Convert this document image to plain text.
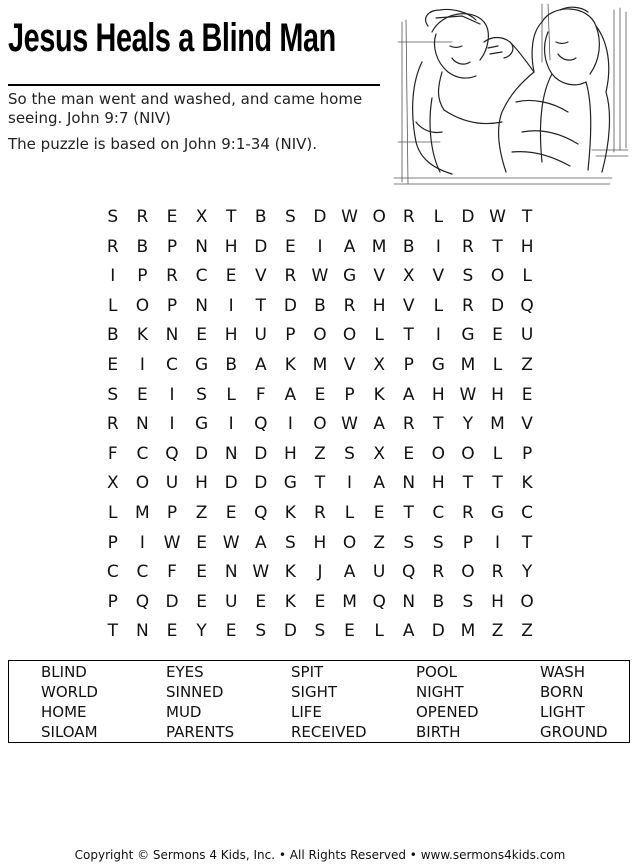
Jesus Heals a Blind Man
So the man went and washed, and came home seeing. John 9:7 (NIV)
The puzzle is based on John 9:1-34 (NIV).
S	R	E	X	T	B	S	D W O	R	L	D W T
R	B	P	N H D	E	I	A M B	I	R	T	H
I	P	R	C	E	V	R W G	V	X	V	S	O	L
L	O	P	N	I	T	D	B	R	H	V	L	R	D Q
B	K	N	E	H U	P	O O	L	T	I	G	E	U
E	I	C	G	B	A	K M V	X	P	G M	L	Z
S	E	I	S	L	F	A	E	P	K	A	H W H	E
R	N	I	G	I	Q	I	O W A	R	T	Y	M V
F	C Q D N D H	Z	S	X	E	O O	L	P
X	O U H D D G	T	I	A	N H	T	T	K
L	M	P	Z	E	Q	K	R	L	E	T	C	R	G	C
P	I	W E W A	S	H O	Z	S	S	P	I	T
C	C	F	E	N W K	J	A	U Q	R O	R	Y
P	Q D	E	U	E	K	E M Q N	B	S	H O
T	N	E	Y	E	S	D	S	E	L	A	D M Z	Z
BLIND	EYES	SPIT	POOL	WASH
WORLD	SINNED	SIGHT	NIGHT	BORN
HOME	MUD	LIFE	OPENED	LIGHT
SILOAM	PARENTS	RECEIVED	BIRTH	GROUND
Copyright © Sermons 4 Kids, Inc. • All Rights Reserved • www.sermons4kids.com
